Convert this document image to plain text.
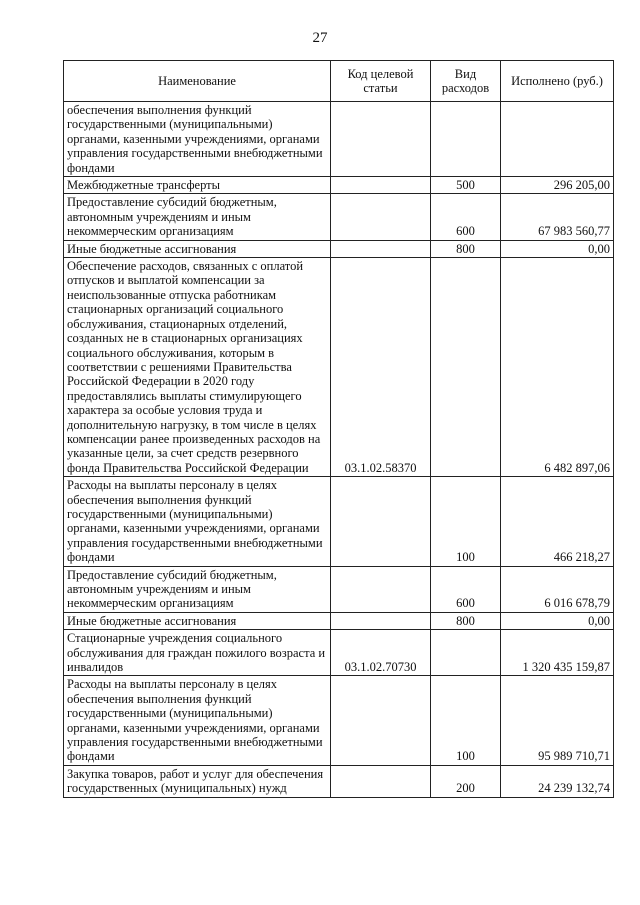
27
Наименование	Код целевой статьи	Вид расходов	Исполнено (руб.)
обеспечения выполнения функций государственными (муниципальными) органами, казенными учреждениями, органами управления государственными внебюджетными фондами			
Межбюджетные трансферты		500	296 205,00
Предоставление субсидий бюджетным, автономным учреждениям и иным некоммерческим организациям		600	67 983 560,77
Иные бюджетные ассигнования		800	0,00
Обеспечение расходов, связанных с оплатой отпусков и выплатой компенсации за неиспользованные отпуска работникам стационарных организаций социального обслуживания, стационарных отделений, созданных не в стационарных организациях социального обслуживания, которым в соответствии с решениями Правительства Российской Федерации в 2020 году предоставлялись выплаты стимулирующего характера за особые условия труда и дополнительную нагрузку, в том числе в целях компенсации ранее произведенных расходов на указанные цели, за счет средств резервного фонда Правительства Российской Федерации	03.1.02.58370		6 482 897,06
Расходы на выплаты персоналу в целях обеспечения выполнения функций государственными (муниципальными) органами, казенными учреждениями, органами управления государственными внебюджетными фондами		100	466 218,27
Предоставление субсидий бюджетным, автономным учреждениям и иным некоммерческим организациям		600	6 016 678,79
Иные бюджетные ассигнования		800	0,00
Стационарные учреждения социального обслуживания для граждан пожилого возраста и инвалидов	03.1.02.70730		1 320 435 159,87
Расходы на выплаты персоналу в целях обеспечения выполнения функций государственными (муниципальными) органами, казенными учреждениями, органами управления государственными внебюджетными фондами		100	95 989 710,71
Закупка товаров, работ и услуг для обеспечения государственных (муниципальных) нужд		200	24 239 132,74
